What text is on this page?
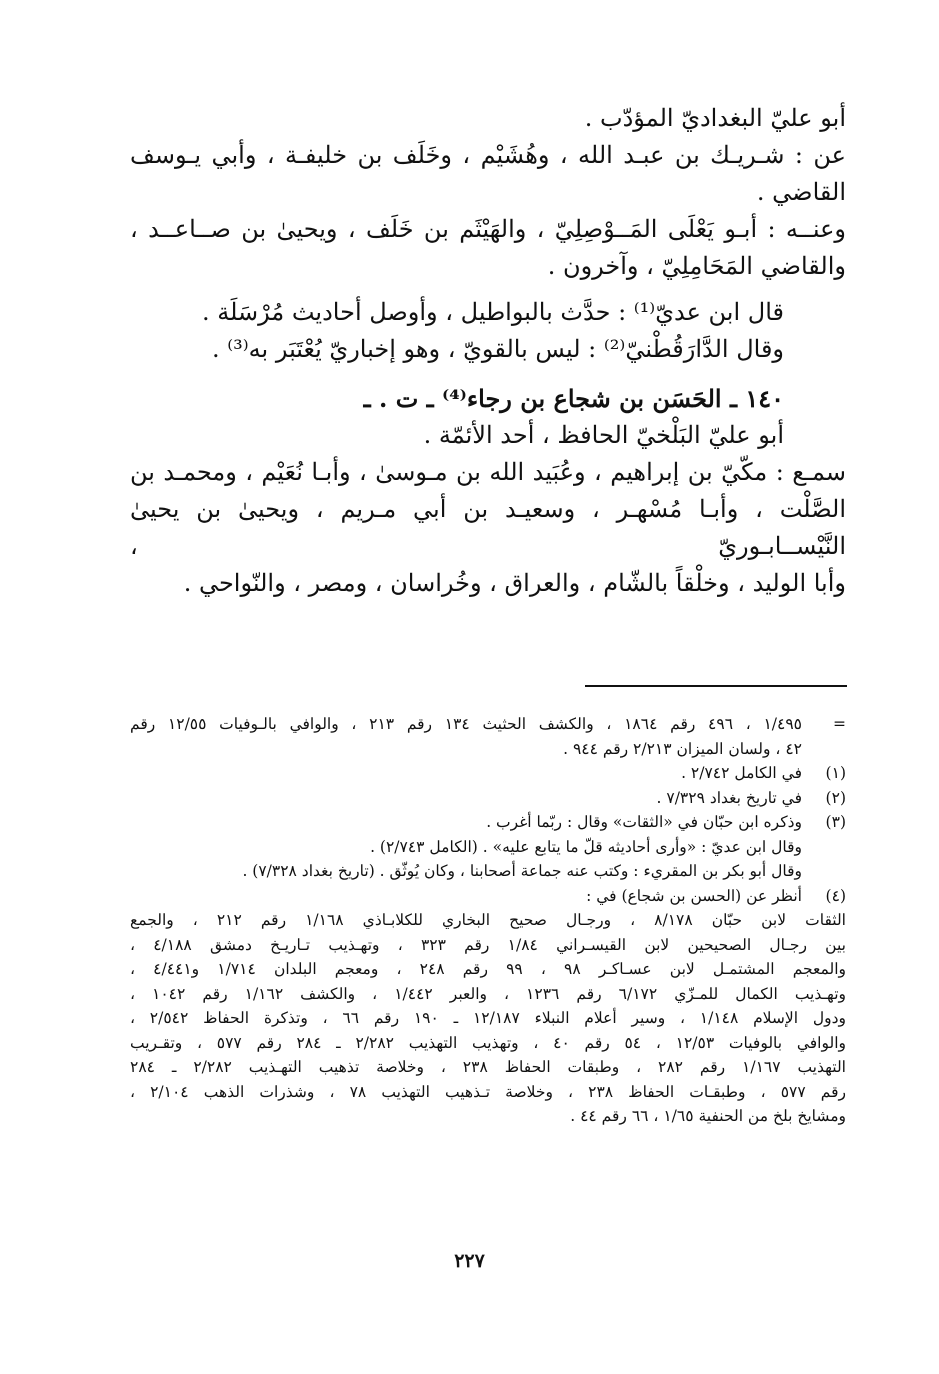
أبو عليّ البغداديّ المؤدّب .

عن : شـريـك بن عبـد الله ، وهُشَيْم ، وخَلَف بن خليفـة ، وأبي يـوسف

القاضي .

وعنــه : أبـو يَعْلَى المَــوْصِلِيّ ، والهَيْثَم بن خَلَف ، ويحيىٰ بن صــاعــد ،

والقاضي المَحَامِلِيّ ، وآخرون .

قال ابن عديّ⁽¹⁾ : حدَّث بالبواطيل ، وأوصل أحاديث مُرْسَلَة .

وقال الدَّارَقُطْنيّ⁽²⁾ : ليس بالقويّ ، وهو إخباريّ يُعْتَبَر به⁽³⁾ .

١٤٠ ـ الحَسَن بن شجاع بن رجاء⁽⁴⁾ ـ ت . ـ

أبو عليّ البَلْخيّ الحافظ ، أحد الأئمّة .

سمـع : مكّيّ بن إبراهيم ، وعُبَيد الله بن مـوسىٰ ، وأبـا نُعَيْم ، ومحمـد بن

الصَّلْت ، وأبـا مُسْهـر ، وسعيـد بن أبي مـريم ، ويحيىٰ بن يحيىٰ النَّيْســابـوريّ ،

وأبا الوليد ، وخلْقاً بالشّام ، والعراق ، وخُراسان ، ومصر ، والنّواحي .

=
١/٤٩٥ ، ٤٩٦ رقم ١٨٦٤ ، والكشف الحثيث ١٣٤ رقم ٢١٣ ، والوافي بالـوفيات ١٢/٥٥ رقم
٤٢ ، ولسان الميزان ٢/٢١٣ رقم ٩٤٤ .
(١)
في الكامل ٢/٧٤٢ .
(٢)
في تاريخ بغداد ٧/٣٢٩ .
(٣)
وذكره ابن حبّان في «الثقات» وقال : ربّما أغرب .
وقال ابن عديّ : «وأرى أحاديثه قلّ ما يتابع عليه» . (الكامل ٢/٧٤٣) .
وقال أبو بكر بن المقريء : وكتب عنه جماعة أصحابنا ، وكان يُوثّق . (تاريخ بغداد ٧/٣٢٨) .
(٤)
أنظر عن (الحسن بن شجاع) في :
الثقات لابن حبّان ٨/١٧٨ ، ورجـال صحيح البخاري للكلابـاذي ١/١٦٨ رقم ٢١٢ ، والجمع
بين رجـال الصحيحين لابن القيسـراني ١/٨٤ رقم ٣٢٣ ، وتهـذيب تـاريـخ دمشق ٤/١٨٨ ،
والمعجم المشتمـل لابن عسـاكـر ٩٨ ، ٩٩ رقم ٢٤٨ ، ومعجم البلدان ١/٧١٤ و٤/٤٤١ ،
وتهـذيب الكمال للمـزّي ٦/١٧٢ رقم ١٢٣٦ ، والعبر ١/٤٤٢ ، والكشف ١/١٦٢ رقم ١٠٤٢ ،
ودول الإسلام ١/١٤٨ ، وسير أعلام النبلاء ١٢/١٨٧ ـ ١٩٠ رقم ٦٦ ، وتذكرة الحفاظ ٢/٥٤٢ ،
والوافي بالوفيات ١٢/٥٣ ، ٥٤ رقم ٤٠ ، وتهذيب التهذيب ٢/٢٨٢ ـ ٢٨٤ رقم ٥٧٧ ، وتقـريب
التهذيب ١/١٦٧ رقم ٢٨٢ ، وطبقات الحفاظ ٢٣٨ ، وخلاصة تذهيب التهـذيب ٢/٢٨٢ ـ ٢٨٤
رقم ٥٧٧ ، وطبقـات الحفاظ ٢٣٨ ، وخلاصة تـذهيب التهذيب ٧٨ ، وشذرات الذهب ٢/١٠٤ ،
ومشايخ بلخ من الحنفية ١/٦٥ ، ٦٦ رقم ٤٤ .
٢٢٧
